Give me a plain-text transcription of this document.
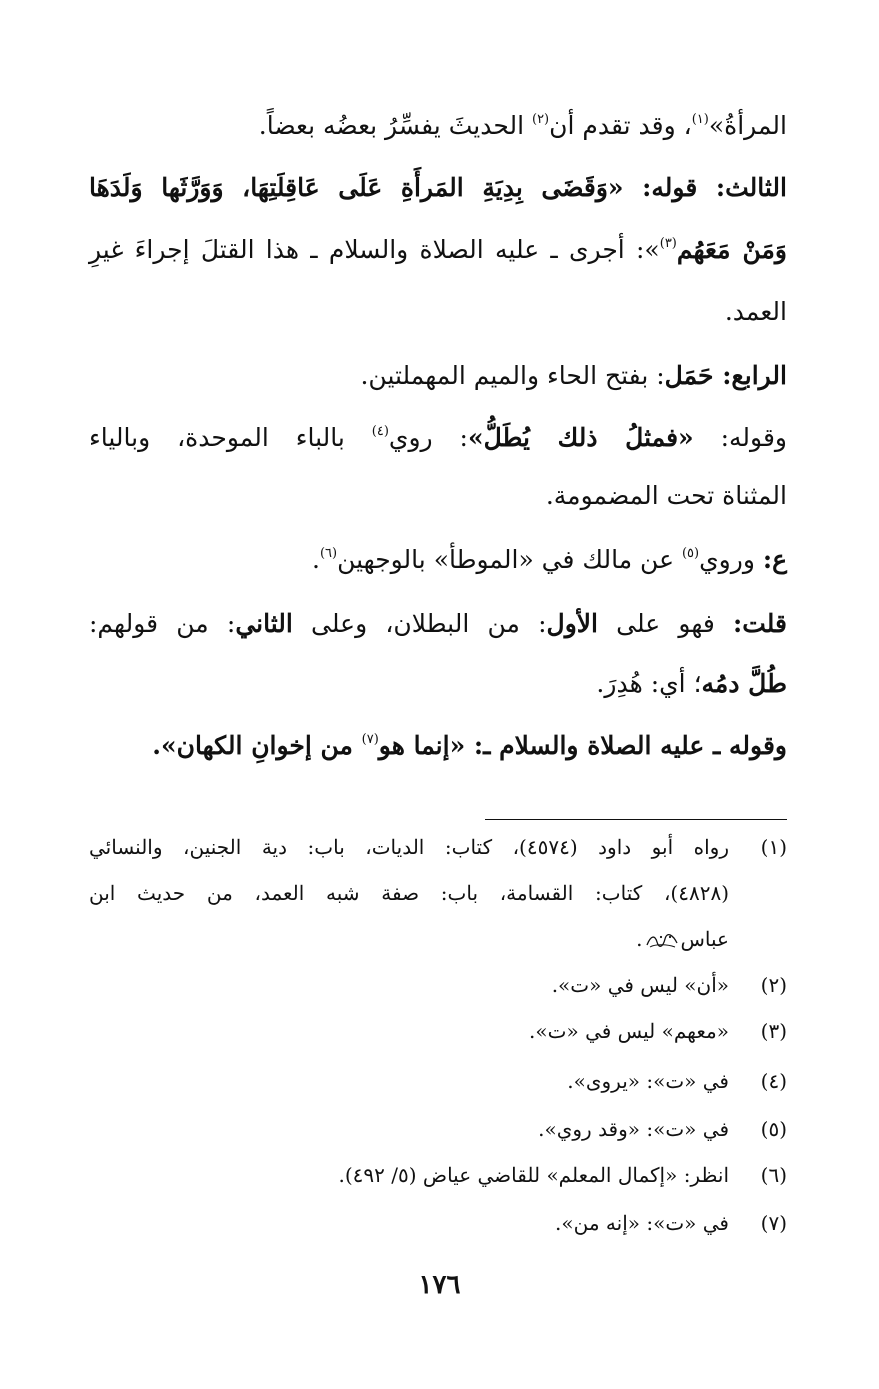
المرأةُ»$^{(١)}$، وقد تقدم أن$^{(٢)}$ الحديثَ يفسِّرُ بعضُه بعضاً.
الثالث: قوله: «وَقَضَى بِدِيَةِ المَرأَةِ عَلَى عَاقِلَتِهَا، وَوَرَّثَها وَلَدَهَا
وَمَنْ مَعَهُم$^{(٣)}$»: أجرى ـ عليه الصلاة والسلام ـ هذا القتلَ إجراءَ غيرِ
العمد.
الرابع: حَمَل: بفتح الحاء والميم المهملتين.
وقوله: «فمثلُ ذلك يُطَلُّ»: روي$^{(٤)}$ بالباء الموحدة، وبالياء
المثناة تحت المضمومة.
ع: وروي$^{(٥)}$ عن مالك في «الموطأ» بالوجهين$^{(٦)}$.
قلت: فهو على الأول: من البطلان، وعلى الثاني: من قولهم:
طُلَّ دمُه؛ أي: هُدِرَ.
وقوله ـ عليه الصلاة والسلام ـ: «إنما هو$^{(٧)}$ من إخوانِ الكهان».
(١)رواه أبو داود (٤٥٧٤)، كتاب: الديات، باب: دية الجنين، والنسائي
(٤٨٢٨)، كتاب: القسامة، باب: صفة شبه العمد، من حديث ابن
عباس.
(٢)«أن» ليس في «ت».
(٣)«معهم» ليس في «ت».
(٤)في «ت»: «يروى».
(٥)في «ت»: «وقد روي».
(٦)انظر: «إكمال المعلم» للقاضي عياض (٥/ ٤٩٢).
(٧)في «ت»: «إنه من».
١٧٦
